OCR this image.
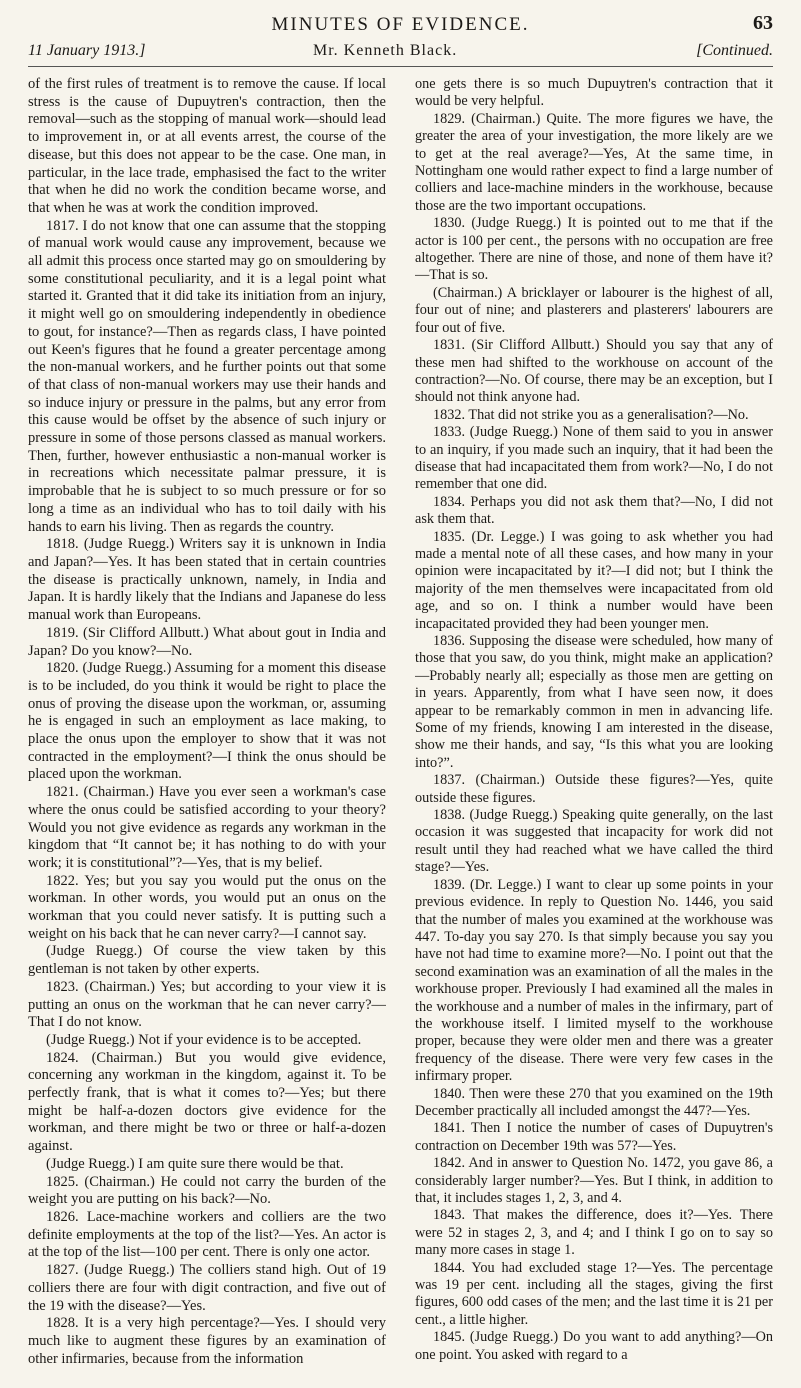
MINUTES OF EVIDENCE.	63
11 January 1913.]	Mr. Kenneth Black.	[Continued.

of the first rules of treatment is to remove the cause. If local stress is the cause of Dupuytren's contraction, then the removal—such as the stopping of manual work—should lead to improvement in, or at all events arrest, the course of the disease, but this does not appear to be the case. One man, in particular, in the lace trade, emphasised the fact to the writer that when he did no work the condition became worse, and that when he was at work the condition improved.

1817. I do not know that one can assume that the stopping of manual work would cause any improvement, because we all admit this process once started may go on smouldering by some constitutional peculiarity, and it is a legal point what started it. Granted that it did take its initiation from an injury, it might well go on smouldering independently in obedience to gout, for instance?—Then as regards class, I have pointed out Keen's figures that he found a greater percentage among the non-manual workers, and he further points out that some of that class of non-manual workers may use their hands and so induce injury or pressure in the palms, but any error from this cause would be offset by the absence of such injury or pressure in some of those persons classed as manual workers. Then, further, however enthusiastic a non-manual worker is in recreations which necessitate palmar pressure, it is improbable that he is subject to so much pressure or for so long a time as an individual who has to toil daily with his hands to earn his living. Then as regards the country.

1818. (Judge Ruegg.) Writers say it is unknown in India and Japan?—Yes. It has been stated that in certain countries the disease is practically unknown, namely, in India and Japan. It is hardly likely that the Indians and Japanese do less manual work than Europeans.

1819. (Sir Clifford Allbutt.) What about gout in India and Japan? Do you know?—No.

1820. (Judge Ruegg.) Assuming for a moment this disease is to be included, do you think it would be right to place the onus of proving the disease upon the workman, or, assuming he is engaged in such an employment as lace making, to place the onus upon the employer to show that it was not contracted in the employment?—I think the onus should be placed upon the workman.

1821. (Chairman.) Have you ever seen a workman's case where the onus could be satisfied according to your theory? Would you not give evidence as regards any workman in the kingdom that “It cannot be; it has nothing to do with your work; it is constitutional”?—Yes, that is my belief.

1822. Yes; but you say you would put the onus on the workman. In other words, you would put an onus on the workman that you could never satisfy. It is putting such a weight on his back that he can never carry?—I cannot say.

(Judge Ruegg.) Of course the view taken by this gentleman is not taken by other experts.

1823. (Chairman.) Yes; but according to your view it is putting an onus on the workman that he can never carry?—That I do not know.

(Judge Ruegg.) Not if your evidence is to be accepted.

1824. (Chairman.) But you would give evidence, concerning any workman in the kingdom, against it. To be perfectly frank, that is what it comes to?—Yes; but there might be half-a-dozen doctors give evidence for the workman, and there might be two or three or half-a-dozen against.

(Judge Ruegg.) I am quite sure there would be that.

1825. (Chairman.) He could not carry the burden of the weight you are putting on his back?—No.

1826. Lace-machine workers and colliers are the two definite employments at the top of the list?—Yes. An actor is at the top of the list—100 per cent. There is only one actor.

1827. (Judge Ruegg.) The colliers stand high. Out of 19 colliers there are four with digit contraction, and five out of the 19 with the disease?—Yes.

1828. It is a very high percentage?—Yes. I should very much like to augment these figures by an examination of other infirmaries, because from the information

one gets there is so much Dupuytren's contraction that it would be very helpful.

1829. (Chairman.) Quite. The more figures we have, the greater the area of your investigation, the more likely are we to get at the real average?—Yes, At the same time, in Nottingham one would rather expect to find a large number of colliers and lace-machine minders in the workhouse, because those are the two important occupations.

1830. (Judge Ruegg.) It is pointed out to me that if the actor is 100 per cent., the persons with no occupation are free altogether. There are nine of those, and none of them have it?—That is so.

(Chairman.) A bricklayer or labourer is the highest of all, four out of nine; and plasterers and plasterers' labourers are four out of five.

1831. (Sir Clifford Allbutt.) Should you say that any of these men had shifted to the workhouse on account of the contraction?—No. Of course, there may be an exception, but I should not think anyone had.

1832. That did not strike you as a generalisation?—No.

1833. (Judge Ruegg.) None of them said to you in answer to an inquiry, if you made such an inquiry, that it had been the disease that had incapacitated them from work?—No, I do not remember that one did.

1834. Perhaps you did not ask them that?—No, I did not ask them that.

1835. (Dr. Legge.) I was going to ask whether you had made a mental note of all these cases, and how many in your opinion were incapacitated by it?—I did not; but I think the majority of the men themselves were incapacitated from old age, and so on. I think a number would have been incapacitated provided they had been younger men.

1836. Supposing the disease were scheduled, how many of those that you saw, do you think, might make an application?—Probably nearly all; especially as those men are getting on in years. Apparently, from what I have seen now, it does appear to be remarkably common in men in advancing life. Some of my friends, knowing I am interested in the disease, show me their hands, and say, “Is this what you are looking into?”.

1837. (Chairman.) Outside these figures?—Yes, quite outside these figures.

1838. (Judge Ruegg.) Speaking quite generally, on the last occasion it was suggested that incapacity for work did not result until they had reached what we have called the third stage?—Yes.

1839. (Dr. Legge.) I want to clear up some points in your previous evidence. In reply to Question No. 1446, you said that the number of males you examined at the workhouse was 447. To-day you say 270. Is that simply because you say you have not had time to examine more?—No. I point out that the second examination was an examination of all the males in the workhouse proper. Previously I had examined all the males in the workhouse and a number of males in the infirmary, part of the workhouse itself. I limited myself to the workhouse proper, because they were older men and there was a greater frequency of the disease. There were very few cases in the infirmary proper.

1840. Then were these 270 that you examined on the 19th December practically all included amongst the 447?—Yes.

1841. Then I notice the number of cases of Dupuytren's contraction on December 19th was 57?—Yes.

1842. And in answer to Question No. 1472, you gave 86, a considerably larger number?—Yes. But I think, in addition to that, it includes stages 1, 2, 3, and 4.

1843. That makes the difference, does it?—Yes. There were 52 in stages 2, 3, and 4; and I think I go on to say so many more cases in stage 1.

1844. You had excluded stage 1?—Yes. The percentage was 19 per cent. including all the stages, giving the first figures, 600 odd cases of the men; and the last time it is 21 per cent., a little higher.

1845. (Judge Ruegg.) Do you want to add anything?—On one point. You asked with regard to a
